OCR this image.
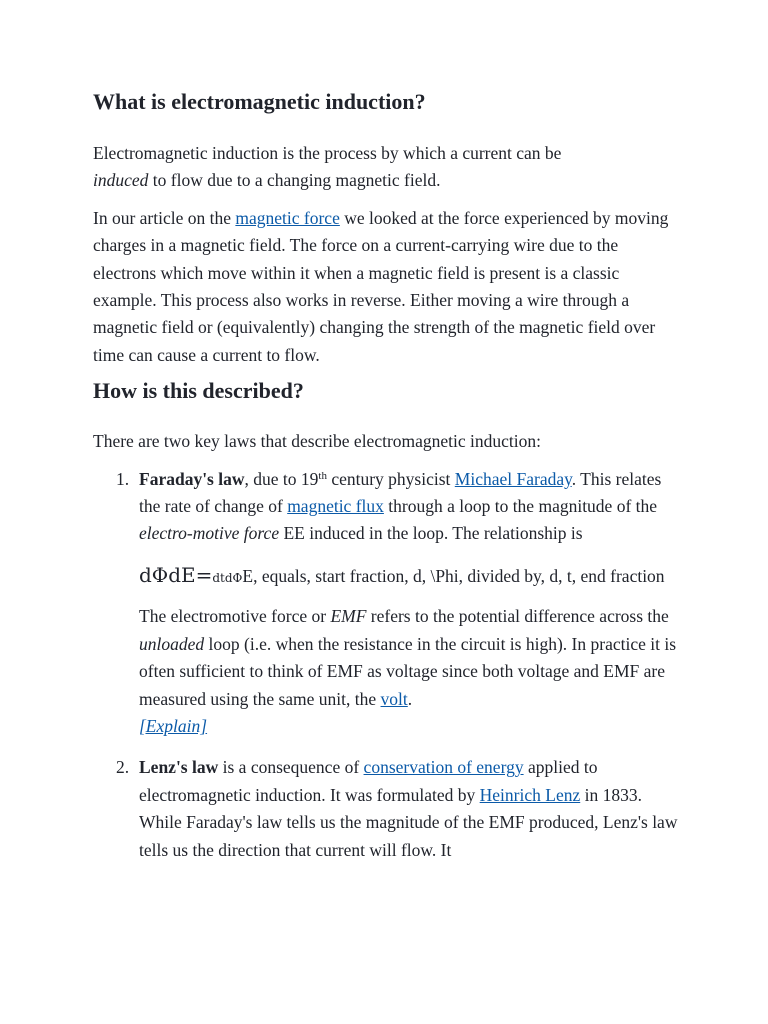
What is electromagnetic induction?

Electromagnetic induction is the process by which a current can be induced to flow due to a changing magnetic field.

In our article on the magnetic force we looked at the force experienced by moving charges in a magnetic field. The force on a current-carrying wire due to the electrons which move within it when a magnetic field is present is a classic example. This process also works in reverse. Either moving a wire through a magnetic field or (equivalently) changing the strength of the magnetic field over time can cause a current to flow.

How is this described?

There are two key laws that describe electromagnetic induction:

1. Faraday's law, due to 19th century physicist Michael Faraday. This relates the rate of change of magnetic flux through a loop to the magnitude of the electro-motive force EE induced in the loop. The relationship is
dΦdE=dtdΦE, equals, start fraction, d, \Phi, divided by, d, t, end fraction
The electromotive force or EMF refers to the potential difference across the unloaded loop (i.e. when the resistance in the circuit is high). In practice it is often sufficient to think of EMF as voltage since both voltage and EMF are measured using the same unit, the volt.
[Explain]
2. Lenz's law is a consequence of conservation of energy applied to electromagnetic induction. It was formulated by Heinrich Lenz in 1833. While Faraday's law tells us the magnitude of the EMF produced, Lenz's law tells us the direction that current will flow. It
